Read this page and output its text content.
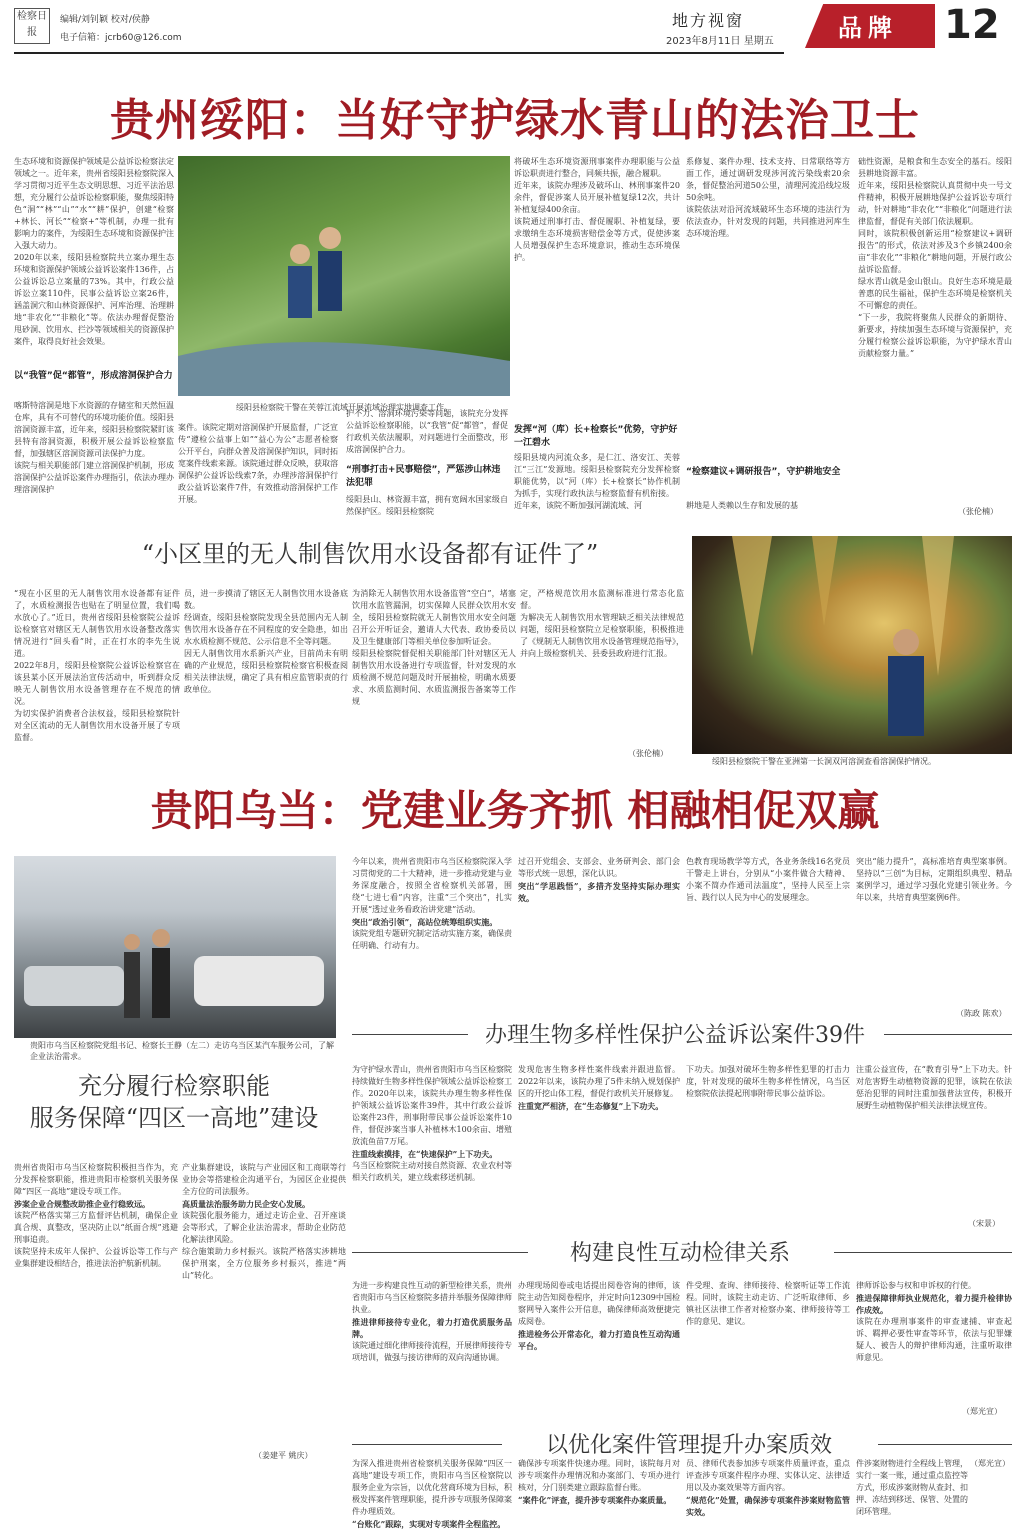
检察日报
编辑/刘钊颖 校对/侯静
电子信箱：jcrb60@126.com
地方视窗
2023年8月11日 星期五	品牌 12
贵州绥阳：当好守护绿水青山的法治卫士

生态环境和资源保护领域是公益诉讼检察法定领域之一。近年来，贵州省绥阳县检察院深入学习贯彻习近平生态文明思想、习近平法治思想，充分履行公益诉讼检察职能，聚焦绥阳特色“洞”“林”“山”“水”“耕”保护，创建“检察+林长、河长”“检察+”等机制，办理一批有影响力的案件，为绥阳生态环境和资源保护注入强大动力。

2020年以来，绥阳县检察院共立案办理生态环境和资源保护领域公益诉讼案件136件，占公益诉讼总立案量的73%。其中，行政公益诉讼立案110件，民事公益诉讼立案26件，涵盖洞穴和山林资源保护、河库治理、治理耕地“非农化”“非粮化”等。依法办理督促整治甩砂洞、饮用水、拦沙等领域相关的资源保护案件，取得良好社会效果。

以“我管”促“都管”，形成溶洞保护合力

喀斯特溶洞是地下水资源的存储室和天然恒温仓库，具有不可替代的环境功能价值。绥阳县溶洞资源丰富，近年来，绥阳县检察院紧盯该县特有溶洞资源，积极开展公益诉讼检察监督，加强辖区溶洞资源司法保护力度。

该院与相关职能部门建立溶洞保护机制，形成溶洞保护公益诉讼案件办理指引，依法办理办理溶洞保护

绥阳县检察院干警在芙蓉江流域开展流域治理实地调查工作。

案件。该院定期对溶洞保护开展监督，广泛宣传“遵检公益事上如”“益心为公”志愿者检察公开平台，向群众普及溶洞保护知识，同时拓宽案件线索来源。该院通过群众反映，获取溶洞保护公益诉讼线索7条，办理涉溶洞保护行政公益诉讼案件7件，有效推动溶洞保护工作开展。

护不力、溶洞环境污染等问题，该院充分发挥公益诉讼检察职能，以“我管”促“都管”，督促行政机关依法履职，对问题进行全面整改，形成溶洞保护合力。

“刑事打击+民事赔偿”，严惩涉山林违法犯罪

绥阳县山、林资源丰富，拥有宽阔水国家级自然保护区。绥阳县检察院

将破坏生态环境资源刑事案件办理职能与公益诉讼职责进行整合，同频共振，融合履职。

近年来，该院办理涉及破坏山、林刑事案件20余件，督促涉案人员开展补植复绿12次，共计补植复绿400余亩。

该院通过刑事打击、督促履职、补植复绿，要求缴纳生态环境损害赔偿金等方式，促使涉案人员增强保护生态环境意识，推动生态环境保护。

发挥“河（库）长+检察长”优势，守护好一江碧水

绥阳县境内河流众多，是仁江、洛安江、芙蓉江“三江”发源地。绥阳县检察院充分发挥检察职能优势，以“河（库）长+检察长”协作机制为抓手，实现行政执法与检察监督有机衔接。

近年来，该院不断加强河湖流域、河

系修复、案件办理、技术支持、日常联络等方面工作，通过调研发现涉河流污染线索20余条，督促整治河道50公里，清理河流沿线垃圾50余吨。

该院依法对沿河流域破坏生态环境的违法行为依法查办，针对发现的问题，共同推进河库生态环境治理。

“检察建议+调研报告”，守护耕地安全

耕地是人类赖以生存和发展的基

础性资源，是粮食和生态安全的基石。绥阳县耕地资源丰富。

近年来，绥阳县检察院认真贯彻中央一号文件精神，积极开展耕地保护公益诉讼专项行动，针对耕地“非农化”“非粮化”问题进行法律监督，督促有关部门依法履职。

同时，该院积极创新运用“检察建议+调研报告”的形式，依法对涉及3个乡镇2400余亩“非农化”“非粮化”耕地问题，开展行政公益诉讼监督。

绿水青山就是金山银山。良好生态环境是最普惠的民生福祉，保护生态环境是检察机关不可懈怠的责任。

“下一步，我院将聚焦人民群众的新期待、新要求，持续加强生态环境与资源保护，充分履行检察公益诉讼职能，为守护绿水青山贡献检察力量。”

（张伦楠）
“小区里的无人制售饮用水设备都有证件了”

“现在小区里的无人制售饮用水设备都有证件了，水质检测报告也贴在了明显位置，我们喝水放心了。”近日，贵州省绥阳县检察院公益诉讼检察官对辖区无人制售饮用水设备整改落实情况进行“回头看”时，正在打水的李先生说道。

2022年8月，绥阳县检察院公益诉讼检察官在该县某小区开展法治宣传活动中，听到群众反映无人制售饮用水设备管理存在不规范的情况。

为切实保护消费者合法权益，绥阳县检察院针对全区流动的无人制售饮用水设备开展了专项监督。

员，进一步摸清了辖区无人制售饮用水设备底数。

经调查，绥阳县检察院发现全县范围内无人制售饮用水设备存在不同程度的安全隐患，如出水水质检测不规范、公示信息不全等问题。

因无人制售饮用水系新兴产业，目前尚未有明确的产业规范，绥阳县检察院检察官积极查阅相关法律法规，确定了具有相应监管职责的行政单位。

为消除无人制售饮用水设备监管“空白”，堵塞饮用水监管漏洞，切实保障人民群众饮用水安全，绥阳县检察院就无人制售饮用水安全问题召开公开听证会，邀请人大代表、政协委员以及卫生健康部门等相关单位参加听证会。

绥阳县检察院督促相关职能部门针对辖区无人制售饮用水设备进行专项监督，针对发现的水质检测不规范问题及时开展抽检，明确水质要求、水质监测时间、水质监测报告备案等工作规

定，严格规范饮用水监测标准进行常态化监督。

为解决无人制售饮用水管理缺乏相关法律规范问题，绥阳县检察院立足检察职能，积极推进了《规制无人制售饮用水设备管理规范指导》，并向上级检察机关、县委县政府进行汇报。

（张伦楠）
绥阳县检察院干警在亚洲第一长洞双河溶洞查看溶洞保护情况。
贵阳乌当：党建业务齐抓 相融相促双赢
贵阳市乌当区检察院党组书记、检察长王静（左二）走访乌当区某汽车服务公司，了解企业法治需求。
充分履行检察职能
服务保障“四区一高地”建设

贵州省贵阳市乌当区检察院积极担当作为，充分发挥检察职能，推进贵阳市检察机关服务保障“四区一高地”建设专项工作。

涉案企业合规整改助推企业行稳致远。

该院严格落实第三方监督评估机制，确保企业真合规、真整改，坚决防止以“纸面合规”逃避刑事追责。

该院坚持未成年人保护、公益诉讼等工作与产业集群建设相结合，推进法治护航新机制。

产业集群建设，该院与产业园区和工商联等行业协会等搭建检企沟通平台，为园区企业提供全方位的司法服务。

高质量法治服务助力民企安心发展。

该院强化服务能力，通过走访企业、召开座谈会等形式，了解企业法治需求，帮助企业防范化解法律风险。

综合施策助力乡村振兴。该院严格落实涉耕地保护刑案，全方位服务乡村振兴，推进“两山”转化。

（姜建平 姚庆）

今年以来，贵州省贵阳市乌当区检察院深入学习贯彻党的二十大精神，进一步推动党建与业务深度融合，按照全省检察机关部署，围绕“七进七看”内容，注重“三个突出”，扎实开展“透过业务看政治讲党建”活动。

突出“政治引领”，高站位统筹组织实施。

该院党组专题研究制定活动实施方案，确保责任明确、行动有力。

过召开党组会、支部会、业务研判会、部门会等形式统一思想，深化认识。

突出“学思践悟”，多措齐发坚持实际办理实效。

色教育现场教学等方式，各业务条线16名党员干警走上讲台，分别从“小案件做合大精神、小案不简办作通司法温度”，坚持人民至上宗旨、践行以人民为中心的发展理念。

突出“能力提升”，高标准培育典型案事例。坚持以“三创”为目标，定期组织典型、精品案例学习，通过学习强化党建引领业务。今年以来，共培育典型案例6件。

（陈政 陈欢）
办理生物多样性保护公益诉讼案件39件

为守护绿水青山，贵州省贵阳市乌当区检察院持续做好生物多样性保护领域公益诉讼检察工作。2020年以来，该院共办理生物多样性保护领域公益诉讼案件39件，其中行政公益诉讼案件23件，刑事附带民事公益诉讼案件10件，督促涉案当事人补植林木100余亩、增殖放流鱼苗7万尾。

注重线索摸排，在“快速保护”上下功夫。

乌当区检察院主动对接自然资源、农业农村等相关行政机关，建立线索移送机制。

发现危害生物多样性案件线索并跟进监督。2022年以来，该院办理了5件未纳入规划保护区的开挖山体工程，督促行政机关开展修复。

注重宽严相济，在“生态修复”上下功夫。

下功夫。加强对破坏生物多样性犯罪的打击力度，针对发现的破坏生物多样性情况，乌当区检察院依法提起刑事附带民事公益诉讼。

注重公益宣传，在“教育引导”上下功夫。针对危害野生动植物资源的犯罪，该院在依法惩治犯罪的同时注重加强普法宣传，积极开展野生动植物保护相关法律法规宣传。

（宋景）
构建良性互动检律关系

为进一步构建良性互动的新型检律关系，贵州省贵阳市乌当区检察院多措并举服务保障律师执业。

推进律师接待专业化，着力打造优质服务品牌。

该院通过细化律师接待流程，开展律师接待专项培训，做强与接访律师的双向沟通协调。

办理现场阅卷或电话提出阅卷咨询的律师，该院主动告知阅卷程序，并定时向12309中国检察网导入案件公开信息，确保律师高效便捷完成阅卷。

推进检务公开常态化，着力打造良性互动沟通平台。

件受理、查询、律师接待、检察听证等工作流程。同时，该院主动走访、广泛听取律师、乡镇社区法律工作者对检察办案、律师接待等工作的意见、建议。

律师诉讼参与权和申诉权的行使。

推进保障律师执业规范化，着力提升检律协作成效。

该院在办理刑事案件的审查逮捕、审查起诉、羁押必要性审查等环节，依法与犯罪嫌疑人、被告人的辩护律师沟通，注重听取律师意见。

（郑光宣）
以优化案件管理提升办案质效

为深入推进贵州省检察机关服务保障“四区一高地”建设专项工作，贵阳市乌当区检察院以服务企业为宗旨，以优化营商环境为目标，积极发挥案件管理职能，提升涉专项服务保障案件办理质效。

“台账化”跟踪，实现对专项案件全程监控。

确保涉专项案件快速办理。同时，该院每月对涉专项案件办理情况和办案部门、专项办进行核对，分门别类建立跟踪监督台账。

“案件化”评查，提升涉专项案件办案质量。

员、律师代表参加涉专项案件质量评查，重点评查涉专项案件程序办理、实体认定、法律适用以及办案效果等方面内容。

“规范化”处置，确保涉专项案件涉案财物监管实效。

件涉案财物进行全程线上管理，实行一案一账，通过重点监控等方式，形成涉案财物从查封、扣押、冻结到移送、保管、处置的闭环管理。

（郑光宣）
